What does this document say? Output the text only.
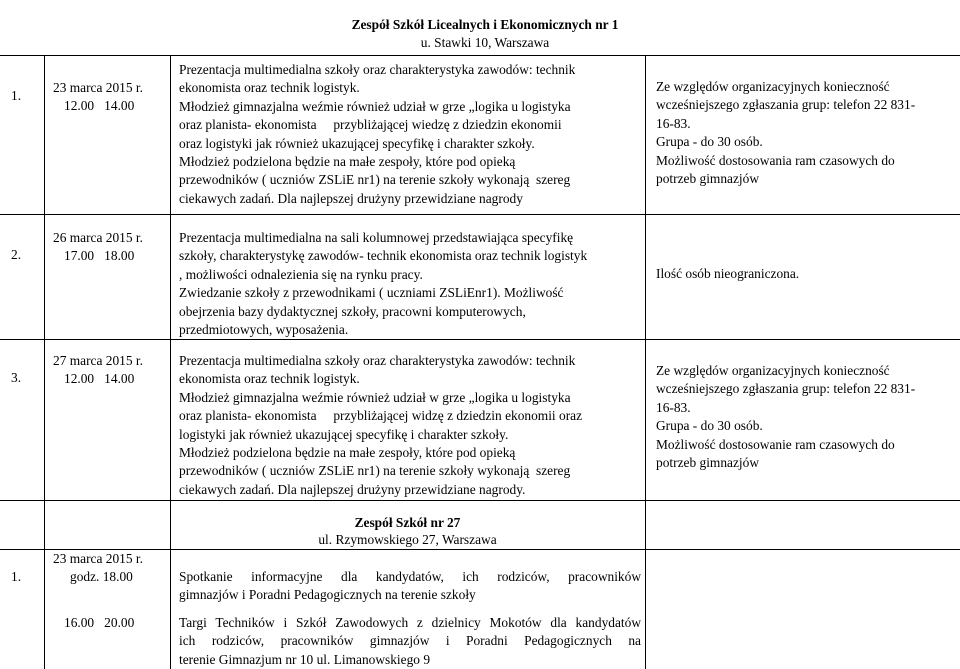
Zespół Szkół Licealnych i Ekonomicznych nr 1
u. Stawki 10, Warszawa
1.
23 marca 2015 r.
12.00   14.00
Prezentacja multimedialna szkoły oraz charakterystyka zawodów: technik
ekonomista oraz technik logistyk.
Młodzież gimnazjalna weźmie również udział w grze „logika u logistyka
oraz planista- ekonomista     przybliżającej wiedzę z dziedzin ekonomii
oraz logistyki jak również ukazującej specyfikę i charakter szkoły.
Młodzież podzielona będzie na małe zespoły, które pod opieką
przewodników ( uczniów ZSLiE nr1) na terenie szkoły wykonają  szereg
ciekawych zadań. Dla najlepszej drużyny przewidziane nagrody
Ze względów organizacyjnych konieczność
wcześniejszego zgłaszania grup: telefon 22 831-
16-83.
Grupa - do 30 osób.
Możliwość dostosowania ram czasowych do
potrzeb gimnazjów
2.
26 marca 2015 r.
17.00   18.00
Prezentacja multimedialna na sali kolumnowej przedstawiająca specyfikę
szkoły, charakterystykę zawodów- technik ekonomista oraz technik logistyk
, możliwości odnalezienia się na rynku pracy.
Zwiedzanie szkoły z przewodnikami ( uczniami ZSLiEnr1). Możliwość
obejrzenia bazy dydaktycznej szkoły, pracowni komputerowych,
przedmiotowych, wyposażenia.
Ilość osób nieograniczona.
3.
27 marca 2015 r.
12.00   14.00
Prezentacja multimedialna szkoły oraz charakterystyka zawodów: technik
ekonomista oraz technik logistyk.
Młodzież gimnazjalna weźmie również udział w grze „logika u logistyka
oraz planista- ekonomista     przybliżającej widzę z dziedzin ekonomii oraz
logistyki jak również ukazującej specyfikę i charakter szkoły.
Młodzież podzielona będzie na małe zespoły, które pod opieką
przewodników ( uczniów ZSLiE nr1) na terenie szkoły wykonają  szereg
ciekawych zadań. Dla najlepszej drużyny przewidziane nagrody.
Ze względów organizacyjnych konieczność
wcześniejszego zgłaszania grup: telefon 22 831-
16-83.
Grupa - do 30 osób.
Możliwość dostosowanie ram czasowych do
potrzeb gimnazjów
Zespół Szkół nr 27
ul. Rzymowskiego 27, Warszawa
1.
23 marca 2015 r.
godz. 18.00
16.00   20.00
Spotkanie informacyjne dla kandydatów, ich rodziców, pracowników
gimnazjów i Poradni Pedagogicznych na terenie szkoły
Targi Techników i Szkół Zawodowych z dzielnicy Mokotów dla kandydatów
ich rodziców, pracowników gimnazjów i Poradni Pedagogicznych na
terenie Gimnazjum nr 10 ul. Limanowskiego 9
